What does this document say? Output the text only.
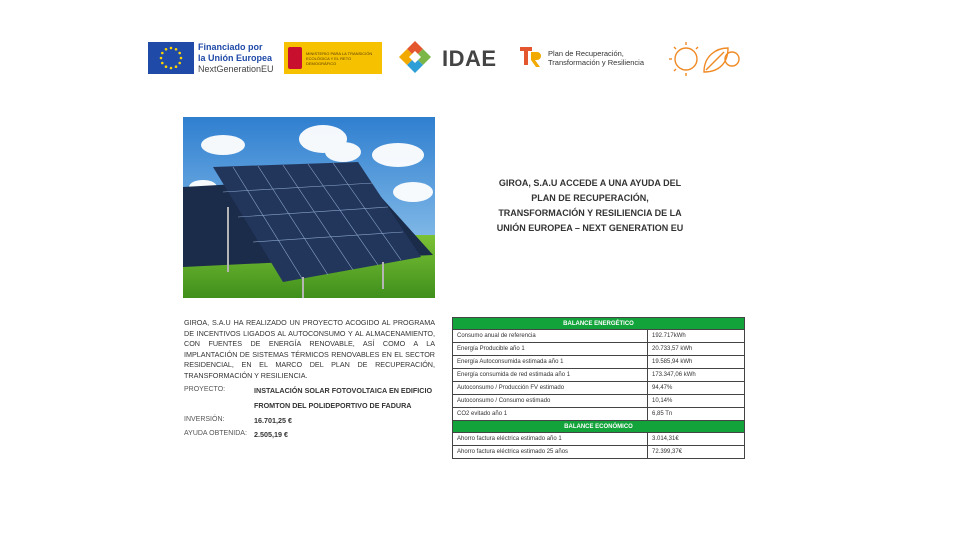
Financiado por
la Unión Europea
NextGenerationEU
MINISTERIO PARA LA TRANSICIÓN ECOLÓGICA Y EL RETO DEMOGRÁFICO	IDAE	Plan de Recuperación,
Transformación y Resiliencia
GIROA, S.A.U ACCEDE A UNA AYUDA DEL
PLAN DE RECUPERACIÓN,
TRANSFORMACIÓN Y RESILIENCIA DE LA
UNIÓN EUROPEA – NEXT GENERATION EU
GIROA, S.A.U HA REALIZADO UN PROYECTO ACOGIDO AL PROGRAMA DE INCENTIVOS LIGADOS AL AUTOCONSUMO Y AL ALMACENAMIENTO, CON FUENTES DE ENERGÍA RENOVABLE, ASÍ COMO A LA IMPLANTACIÓN DE SISTEMAS TÉRMICOS RENOVABLES EN EL SECTOR RESIDENCIAL, EN EL MARCO DEL PLAN DE RECUPERACIÓN, TRANSFORMACIÓN Y RESILIENCIA.
PROYECTO:	INSTALACIÓN SOLAR FOTOVOLTAICA EN EDIFICIO
FROMTON DEL POLIDEPORTIVO DE FADURA
INVERSIÓN:	16.701,25 €
AYUDA OBTENIDA: 2.505,19 €
BALANCE ENERGÉTICO	
Consumo anual de referencia	192.717kWh
Energía Producible año 1	20.733,57 kWh
Energía Autoconsumida estimada año 1	19.585,94 kWh
Energía consumida de red estimada año 1	173.347,06 kWh
Autoconsumo / Producción FV estimado	94,47%
Autoconsumo / Consumo estimado	10,14%
CO2 evitado año 1	6,85 Tn
BALANCE ECONÓMICO	
Ahorro factura eléctrica estimado año 1	3.014,31€
Ahorro factura eléctrica estimado 25 años	72.399,37€
